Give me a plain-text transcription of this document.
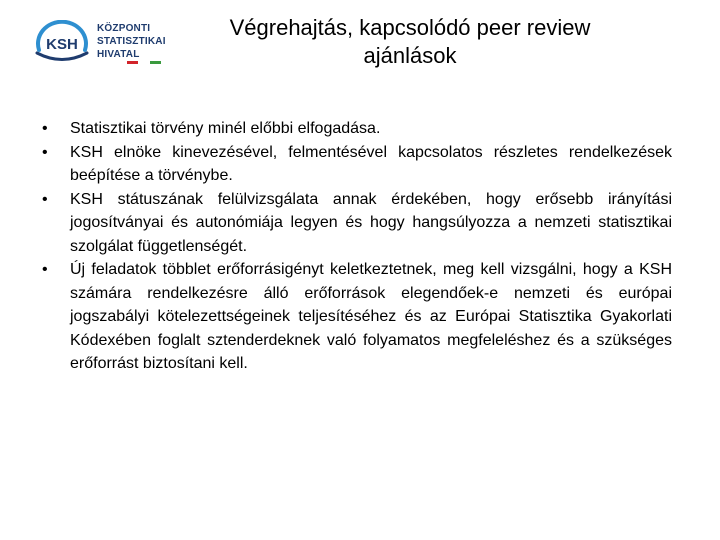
KSH
KÖZPONTI
STATISZTIKAI
HIVATAL
Végrehajtás, kapcsolódó peer review ajánlások
• Statisztikai törvény minél előbbi elfogadása.
• KSH elnöke kinevezésével, felmentésével kapcsolatos részletes rendelkezések beépítése a törvénybe.
• KSH státuszának felülvizsgálata annak érdekében, hogy erősebb irányítási jogosítványai és autonómiája legyen és hogy hangsúlyozza a nemzeti statisztikai szolgálat függetlenségét.
• Új feladatok többlet erőforrásigényt keletkeztetnek, meg kell vizsgálni, hogy a KSH számára rendelkezésre álló erőforrások elegendőek-e nemzeti és európai jogszabályi kötelezettségeinek teljesítéséhez és az Európai Statisztika Gyakorlati Kódexében foglalt sztenderdeknek való folyamatos megfeleléshez és a szükséges erőforrást biztosítani kell.
